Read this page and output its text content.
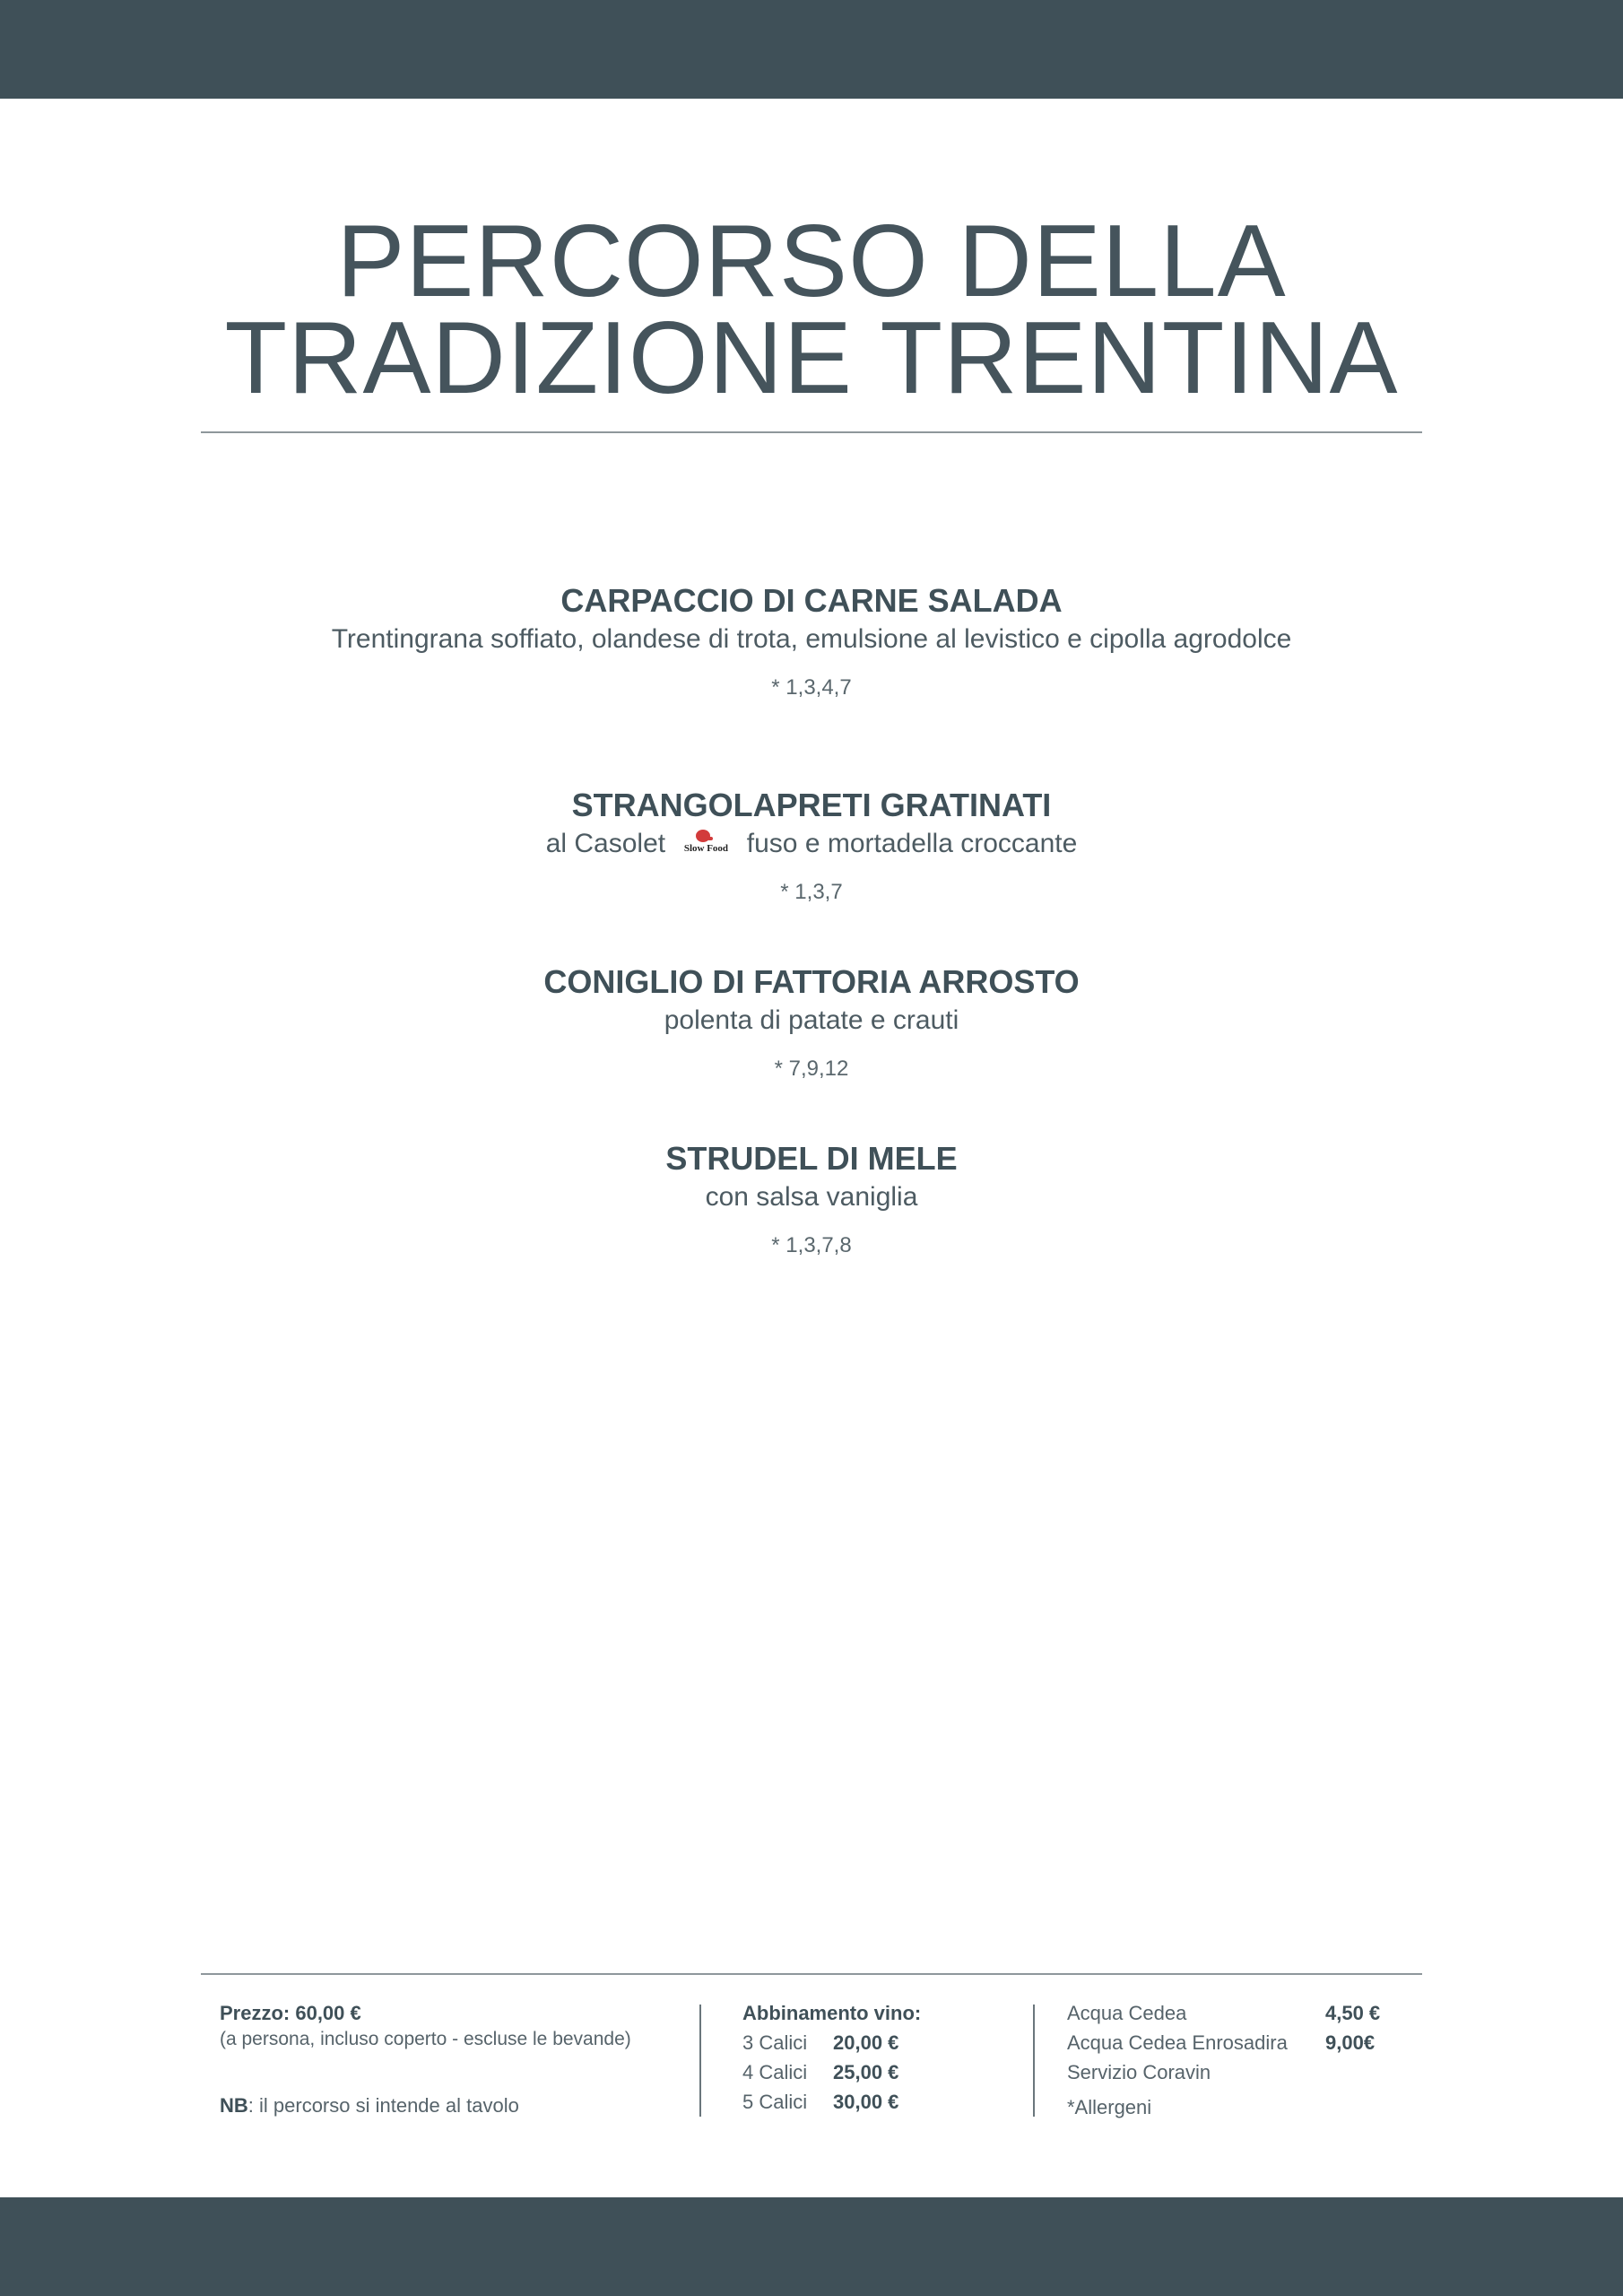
PERCORSO DELLA
TRADIZIONE TRENTINA

CARPACCIO DI CARNE SALADA

Trentingrana soffiato, olandese di trota, emulsione al levistico e cipolla agrodolce

* 1,3,4,7

STRANGOLAPRETI GRATINATI

al Casolet	Slow Food fuso e mortadella croccante

* 1,3,7

CONIGLIO DI FATTORIA ARROSTO

polenta di patate e crauti

* 7,9,12

STRUDEL DI MELE

con salsa vaniglia

* 1,3,7,8
Prezzo: 60,00 €
(a persona, incluso coperto - escluse le bevande)
NB: il percorso si intende al tavolo
Abbinamento vino:
3 Calici	20,00 €
4 Calici	25,00 €
5 Calici	30,00 €
Acqua Cedea	4,50 €
Acqua Cedea Enrosadira	9,00€
Servizio Coravin
*Allergeni
